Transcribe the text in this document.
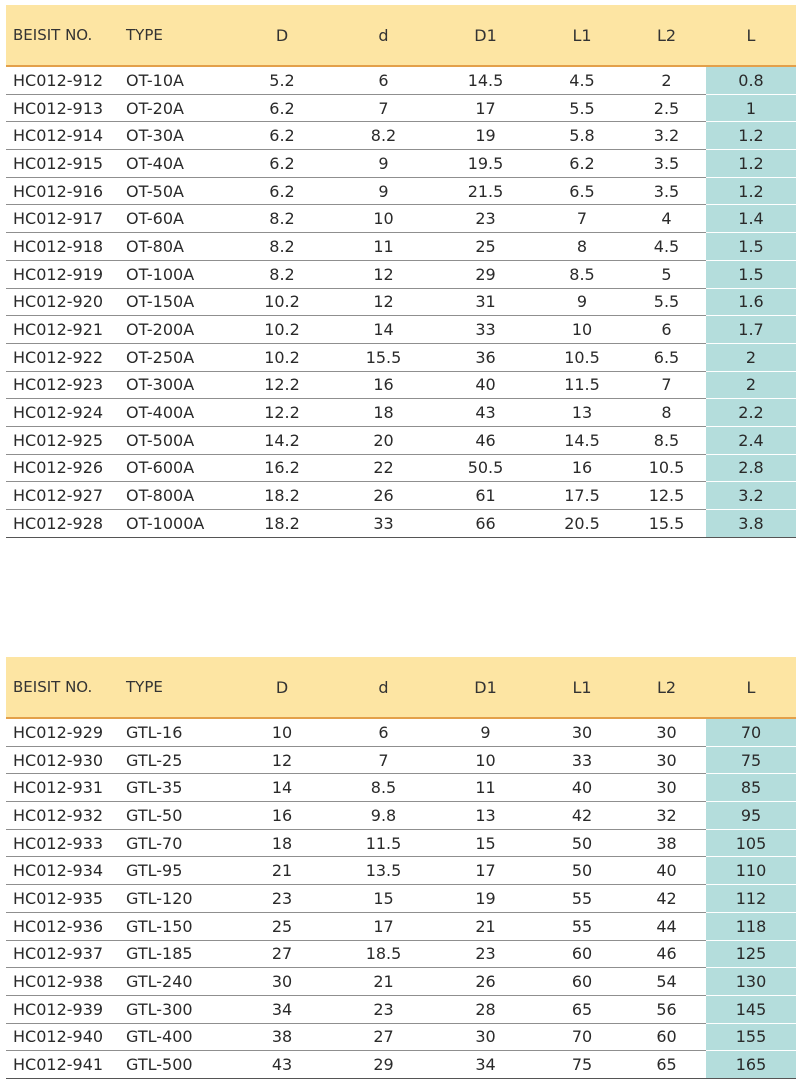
BEISIT NO.	TYPE	D	d	D1	L1	L2	L
HC012-912	OT-10A	5.2	6	14.5	4.5	2	0.8
HC012-913	OT-20A	6.2	7	17	5.5	2.5	1
HC012-914	OT-30A	6.2	8.2	19	5.8	3.2	1.2
HC012-915	OT-40A	6.2	9	19.5	6.2	3.5	1.2
HC012-916	OT-50A	6.2	9	21.5	6.5	3.5	1.2
HC012-917	OT-60A	8.2	10	23	7	4	1.4
HC012-918	OT-80A	8.2	11	25	8	4.5	1.5
HC012-919	OT-100A	8.2	12	29	8.5	5	1.5
HC012-920	OT-150A	10.2	12	31	9	5.5	1.6
HC012-921	OT-200A	10.2	14	33	10	6	1.7
HC012-922	OT-250A	10.2	15.5	36	10.5	6.5	2
HC012-923	OT-300A	12.2	16	40	11.5	7	2
HC012-924	OT-400A	12.2	18	43	13	8	2.2
HC012-925	OT-500A	14.2	20	46	14.5	8.5	2.4
HC012-926	OT-600A	16.2	22	50.5	16	10.5	2.8
HC012-927	OT-800A	18.2	26	61	17.5	12.5	3.2
HC012-928	OT-1000A	18.2	33	66	20.5	15.5	3.8
BEISIT NO.	TYPE	D	d	D1	L1	L2	L
HC012-929	GTL-16	10	6	9	30	30	70
HC012-930	GTL-25	12	7	10	33	30	75
HC012-931	GTL-35	14	8.5	11	40	30	85
HC012-932	GTL-50	16	9.8	13	42	32	95
HC012-933	GTL-70	18	11.5	15	50	38	105
HC012-934	GTL-95	21	13.5	17	50	40	110
HC012-935	GTL-120	23	15	19	55	42	112
HC012-936	GTL-150	25	17	21	55	44	118
HC012-937	GTL-185	27	18.5	23	60	46	125
HC012-938	GTL-240	30	21	26	60	54	130
HC012-939	GTL-300	34	23	28	65	56	145
HC012-940	GTL-400	38	27	30	70	60	155
HC012-941	GTL-500	43	29	34	75	65	165
